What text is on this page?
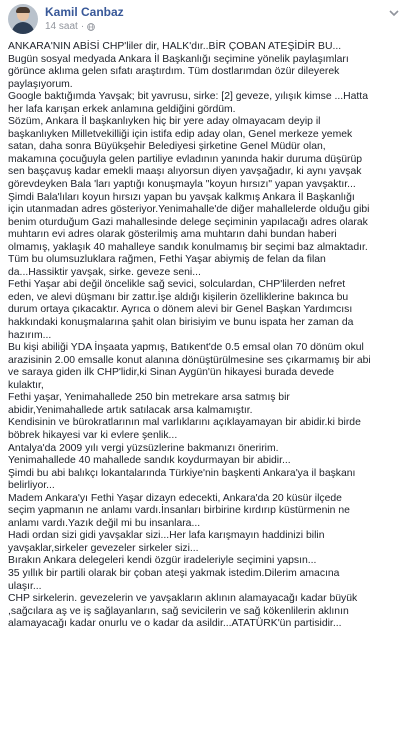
Kamil Canbaz
14 saat ·

ANKARA'NIN ABİSİ CHP'liler dir, HALK'dır..BİR ÇOBAN ATEŞİDİR BU...
Bugün sosyal medyada Ankara İl Başkanlığı seçimine yönelik paylaşımları
görünce aklıma gelen sıfatı araştırdım. Tüm dostlarımdan özür dileyerek
paylaşıyorum.

Google baktığımda Yavşak; bit yavrusu, sirke: [2] geveze, yılışık kimse ...Hatta
her lafa karışan erkek anlamına geldiğini gördüm.

Sözüm, Ankara İl başkanlıyken hiç bir yere aday olmayacam deyip il
başkanlıyken Milletvekilliği için istifa edip aday olan, Genel merkeze yemek
satan, daha sonra Büyükşehir Belediyesi şirketine Genel Müdür olan,
makamına çocuğuyla gelen partiliye evladının yanında hakir duruma düşürüp
sen başçavuş kadar emekli maaşı alıyorsun diyen yavşağadır, ki aynı yavşak
görevdeyken Bala 'ları yaptığı konuşmayla "koyun hırsızı" yapan yavşaktır...
Şimdi Bala'lıları koyun hırsızı yapan bu yavşak kalkmış Ankara İl Başkanlığı
için utanmadan adres gösteriyor.Yenimahalle'de diğer mahallelerde olduğu gibi
benim oturduğum Gazi mahallesinde delege seçiminin yapılacağı adres olarak
muhtarın evi adres olarak gösterilmiş ama muhtarın dahi bundan haberi
olmamış, yaklaşık 40 mahalleye sandık konulmamış bir seçimi baz almaktadır.
Tüm bu olumsuzluklara rağmen, Fethi Yaşar abiymiş de felan da filan
da...Hassiktir yavşak, sirke. geveze seni...

Fethi Yaşar abi değil öncelikle sağ sevici, solculardan, CHP'lilerden nefret
eden, ve alevi düşmanı bir zattır.İşe aldığı kişilerin özelliklerine bakınca bu
durum ortaya çıkacaktır. Ayrıca o dönem alevi bir Genel Başkan Yardımcısı
hakkındaki konuşmalarına şahit olan birisiyim ve bunu ispata her zaman da
hazırım...

Bu kişi abiliği YDA İnşaata yapmış, Batıkent'de 0.5 emsal olan 70 dönüm okul
arazisinin 2.00 emsalle konut alanına dönüştürülmesine ses çıkarmamış bir abi
ve saraya giden ilk CHP'lidir,ki Sinan Aygün'ün hikayesi burada devede
kulaktır,

Fethi yaşar, Yenimahallede 250 bin metrekare arsa satmış bir
abidir,Yenimahallede artık satılacak arsa kalmamıştır.

Kendisinin ve bürokratlarının mal varlıklarını açıklayamayan bir abidir.ki birde
böbrek hikayesi var ki evlere şenlik...

Antalya'da 2009 yılı vergi yüzsüzlerine bakmanızı öneririm.

Yenimahallede 40 mahallede sandık koydurmayan bir abidir...

Şimdi bu abi balıkçı lokantalarında Türkiye'nin başkenti Ankara'ya il başkanı
belirliyor...

Madem Ankara'yı Fethi Yaşar dizayn edecekti, Ankara'da 20 küsür ilçede
seçim yapmanın ne anlamı vardı.İnsanları birbirine kırdırıp küstürmenin ne
anlamı vardı.Yazık değil mi bu insanlara...

Hadi ordan sizi gidi yavşaklar sizi...Her lafa karışmayın haddinizi bilin
yavşaklar,sirkeler gevezeler sirkeler sizi...

Bırakın Ankara delegeleri kendi özgür iradeleriyle seçimini yapsın...

35 yıllık bir partili olarak bir çoban ateşi yakmak istedim.Dilerim amacına
ulaşır...

CHP sirkelerin. gevezelerin ve yavşakların aklının alamayacağı kadar büyük
,sağcılara aş ve iş sağlayanların, sağ sevicilerin ve sağ kökenlilerin aklının
alamayacağı kadar onurlu ve o kadar da asildir...ATATÜRK'ün partisidir...
